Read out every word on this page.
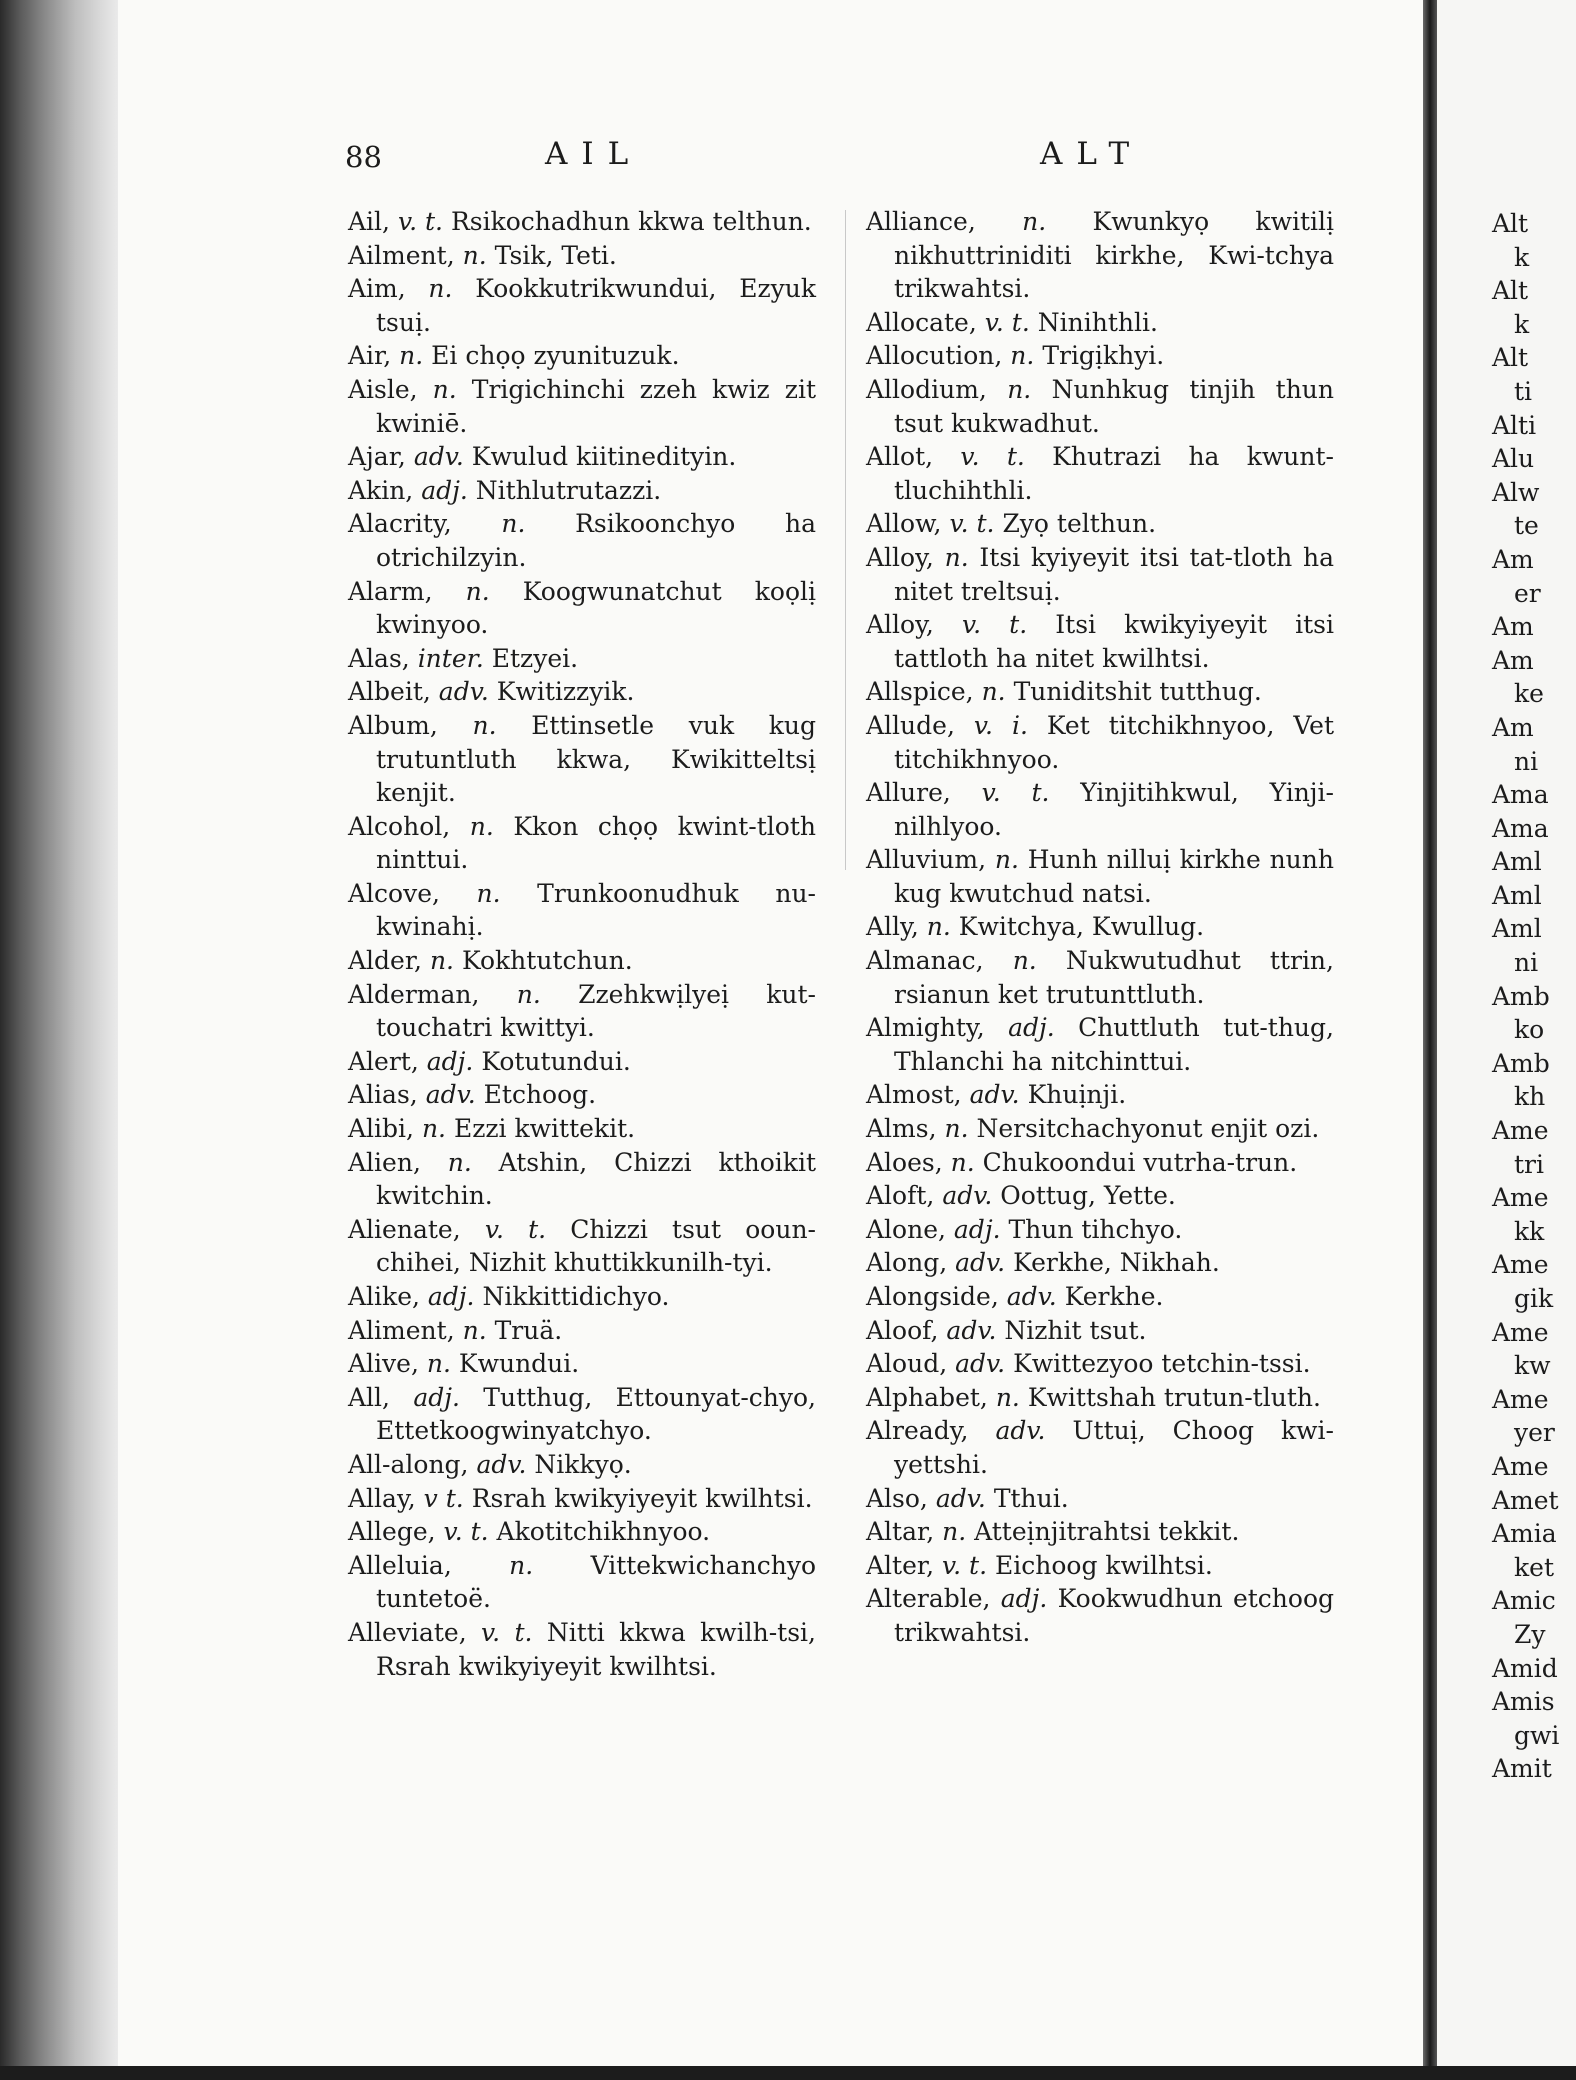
88	AIL	ALT

Ail, v. t. Rsikochadhun kkwa telthun.

Ailment, n. Tsik, Teti.

Aim, n. Kookkutrikwundui, Ezyuk tsuị.

Air, n. Ei chọọ zyunituzuk.

Aisle, n. Trigichinchi zzeh kwiz zit kwiniē.

Ajar, adv. Kwulud kiitinedityin.

Akin, adj. Nithlutrutazzi.

Alacrity, n. Rsikoonchyo ha otrichilzyin.

Alarm, n. Koogwunatchut koọlị kwinyoo.

Alas, inter. Etzyei.

Albeit, adv. Kwitizzyik.

Album, n. Ettinsetle vuk kug trutuntluth kkwa, Kwikitteltsị kenjit.

Alcohol, n. Kkon chọọ kwint-tloth ninttui.

Alcove, n. Trunkoonudhuk nu-kwinahị.

Alder, n. Kokhtutchun.

Alderman, n. Zzehkwịlyeị kut-touchatri kwittyi.

Alert, adj. Kotutundui.

Alias, adv. Etchoog.

Alibi, n. Ezzi kwittekit.

Alien, n. Atshin, Chizzi kthoikit kwitchin.

Alienate, v. t. Chizzi tsut ooun-chihei, Nizhit khuttikkunilh-tyi.

Alike, adj. Nikkittidichyo.

Aliment, n. Truä.

Alive, n. Kwundui.

All, adj. Tutthug, Ettounyat-chyo, Ettetkoogwinyatchyo.

All-along, adv. Nikkyọ.

Allay, v t. Rsrah kwikyiyeyit kwilhtsi.

Allege, v. t. Akotitchikhnyoo.

Alleluia, n. Vittekwichanchyo tuntetoë.

Alleviate, v. t. Nitti kkwa kwilh-tsi, Rsrah kwikyiyeyit kwilhtsi.

Alliance, n. Kwunkyọ kwitilị nikhuttriniditi kirkhe, Kwi-tchya trikwahtsi.

Allocate, v. t. Ninihthli.

Allocution, n. Trigịkhyi.

Allodium, n. Nunhkug tinjih thun tsut kukwadhut.

Allot, v. t. Khutrazi ha kwunt-tluchihthli.

Allow, v. t. Zyọ telthun.

Alloy, n. Itsi kyiyeyit itsi tat-tloth ha nitet treltsuị.

Alloy, v. t. Itsi kwikyiyeyit itsi tattloth ha nitet kwilhtsi.

Allspice, n. Tuniditshit tutthug.

Allude, v. i. Ket titchikhnyoo, Vet titchikhnyoo.

Allure, v. t. Yinjitihkwul, Yinji-nilhlyoo.

Alluvium, n. Hunh nilluị kirkhe nunh kug kwutchud natsi.

Ally, n. Kwitchya, Kwullug.

Almanac, n. Nukwutudhut ttrin, rsianun ket trutunttluth.

Almighty, adj. Chuttluth tut-thug, Thlanchi ha nitchinttui.

Almost, adv. Khuịnji.

Alms, n. Nersitchachyonut enjit ozi.

Aloes, n. Chukoondui vutrha-trun.

Aloft, adv. Oottug, Yette.

Alone, adj. Thun tihchyo.

Along, adv. Kerkhe, Nikhah.

Alongside, adv. Kerkhe.

Aloof, adv. Nizhit tsut.

Aloud, adv. Kwittezyoo tetchin-tssi.

Alphabet, n. Kwittshah trutun-tluth.

Already, adv. Uttuị, Choog kwi-yettshi.

Also, adv. Tthui.

Altar, n. Atteịnjitrahtsi tekkit.

Alter, v. t. Eichoog kwilhtsi.

Alterable, adj. Kookwudhun etchoog trikwahtsi.

Alt
k
Alt
k
Alt
ti
Alti
Alu
Alw
te
Am
er
Am
Am
ke
Am
ni
Ama
Ama
Aml
Aml
Aml
ni
Amb
ko
Amb
kh
Ame
tri
Ame
kk
Ame
gik
Ame
kw
Ame
yer
Ame
Amet
Amia
ket
Amic
Zy
Amid
Amis
gwi
Amit
